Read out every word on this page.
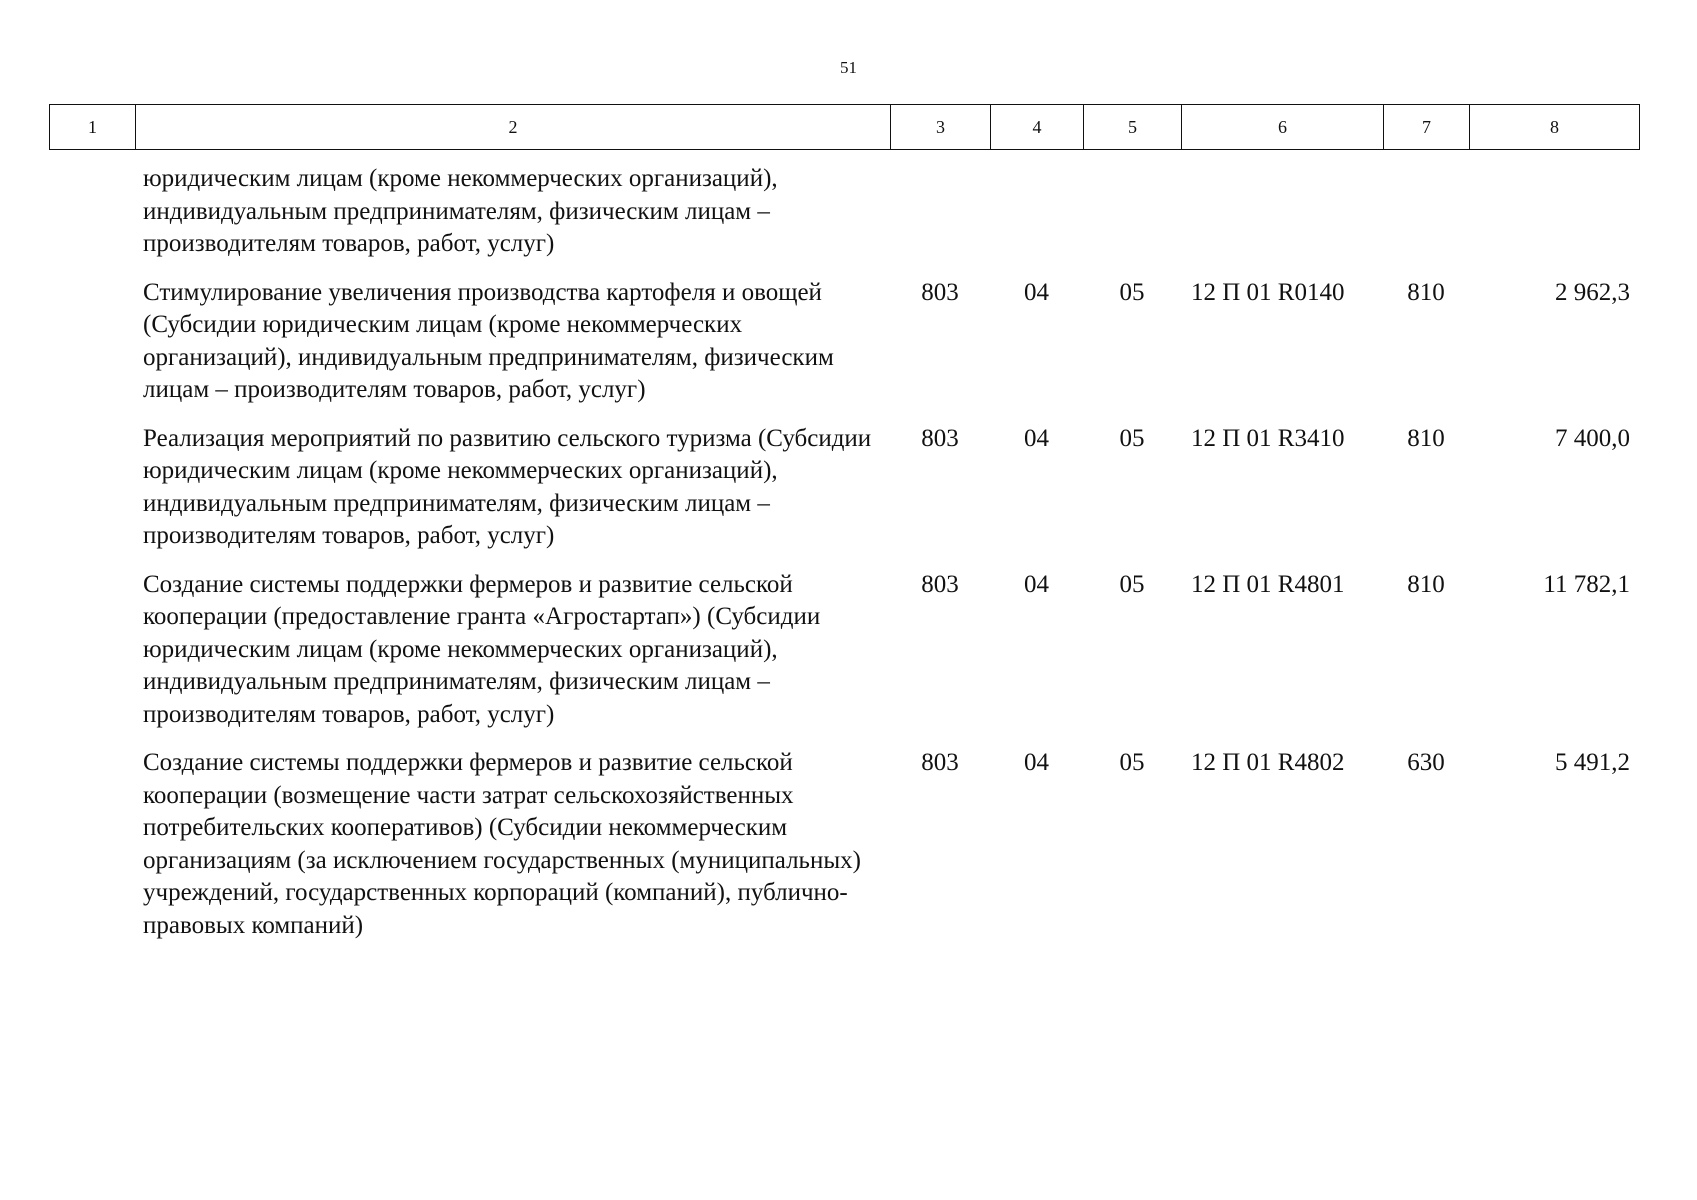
51
1	2	3	4	5	6	7	8
	юридическим лицам (кроме некоммерческих организаций), индивидуальным предпринимателям, физическим лицам – производителям товаров, работ, услуг)						
	Стимулирование увеличения производства картофеля и овощей (Субсидии юридическим лицам (кроме некоммерческих организаций), индивидуальным предпринимателям, физическим лицам – производителям товаров, работ, услуг)	803	04	05	12 П 01 R0140	810	2 962,3
	Реализация мероприятий по развитию сельского туризма (Субсидии юридическим лицам (кроме некоммерческих организаций), индивидуальным предпринимателям, физическим лицам – производителям товаров, работ, услуг)	803	04	05	12 П 01 R3410	810	7 400,0
	Создание системы поддержки фермеров и развитие сельской кооперации (предоставление гранта «Агростартап») (Субсидии юридическим лицам (кроме некоммерческих организаций), индивидуальным предпринимателям, физическим лицам – производителям товаров, работ, услуг)	803	04	05	12 П 01 R4801	810	11 782,1
	Создание системы поддержки фермеров и развитие сельской кооперации (возмещение части затрат сельскохозяйственных потребительских кооперативов) (Субсидии некоммерческим организациям (за исключением государственных (муниципальных) учреждений, государственных корпораций (компаний), публично-правовых компаний)	803	04	05	12 П 01 R4802	630	5 491,2
